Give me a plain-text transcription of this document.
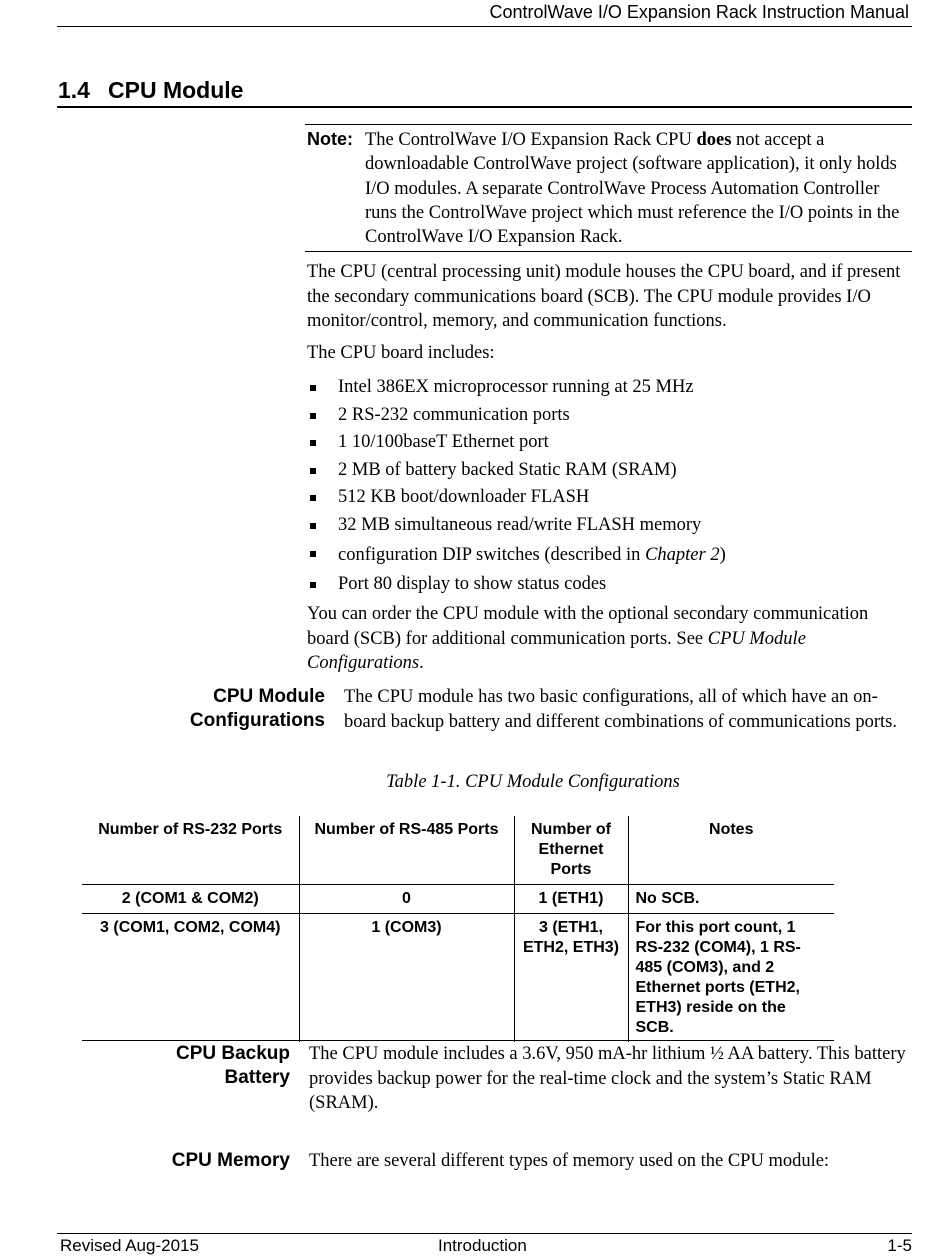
ControlWave I/O Expansion Rack Instruction Manual
1.4 CPU Module
Note: The ControlWave I/O Expansion Rack CPU does not accept a downloadable ControlWave project (software application), it only holds I/O modules. A separate ControlWave Process Automation Controller runs the ControlWave project which must reference the I/O points in the ControlWave I/O Expansion Rack.

The CPU (central processing unit) module houses the CPU board, and if present the secondary communications board (SCB). The CPU module provides I/O monitor/control, memory, and communication functions.

The CPU board includes:

Intel 386EX microprocessor running at 25 MHz
2 RS-232 communication ports
1 10/100baseT Ethernet port
2 MB of battery backed Static RAM (SRAM)
512 KB boot/downloader FLASH
32 MB simultaneous read/write FLASH memory
configuration DIP switches (described in Chapter 2)
Port 80 display to show status codes

You can order the CPU module with the optional secondary communication board (SCB) for additional communication ports. See CPU Module Configurations.

CPU Module
Configurations

The CPU module has two basic configurations, all of which have an on-board backup battery and different combinations of communications ports.

Table 1-1. CPU Module Configurations
Number of RS-232 Ports	Number of RS-485 Ports	Number of Ethernet Ports	Notes
2 (COM1 & COM2)	0	1 (ETH1)	No SCB.
3 (COM1, COM2, COM4)	1 (COM3)	3 (ETH1, ETH2, ETH3)	For this port count, 1 RS-232 (COM4), 1 RS-485 (COM3), and 2 Ethernet ports (ETH2, ETH3) reside on the SCB.
CPU Backup
Battery

The CPU module includes a 3.6V, 950 mA-hr lithium ½ AA battery. This battery provides backup power for the real-time clock and the system’s Static RAM (SRAM).

CPU Memory There are several different types of memory used on the CPU module:

Revised Aug-2015	Introduction	1-5
